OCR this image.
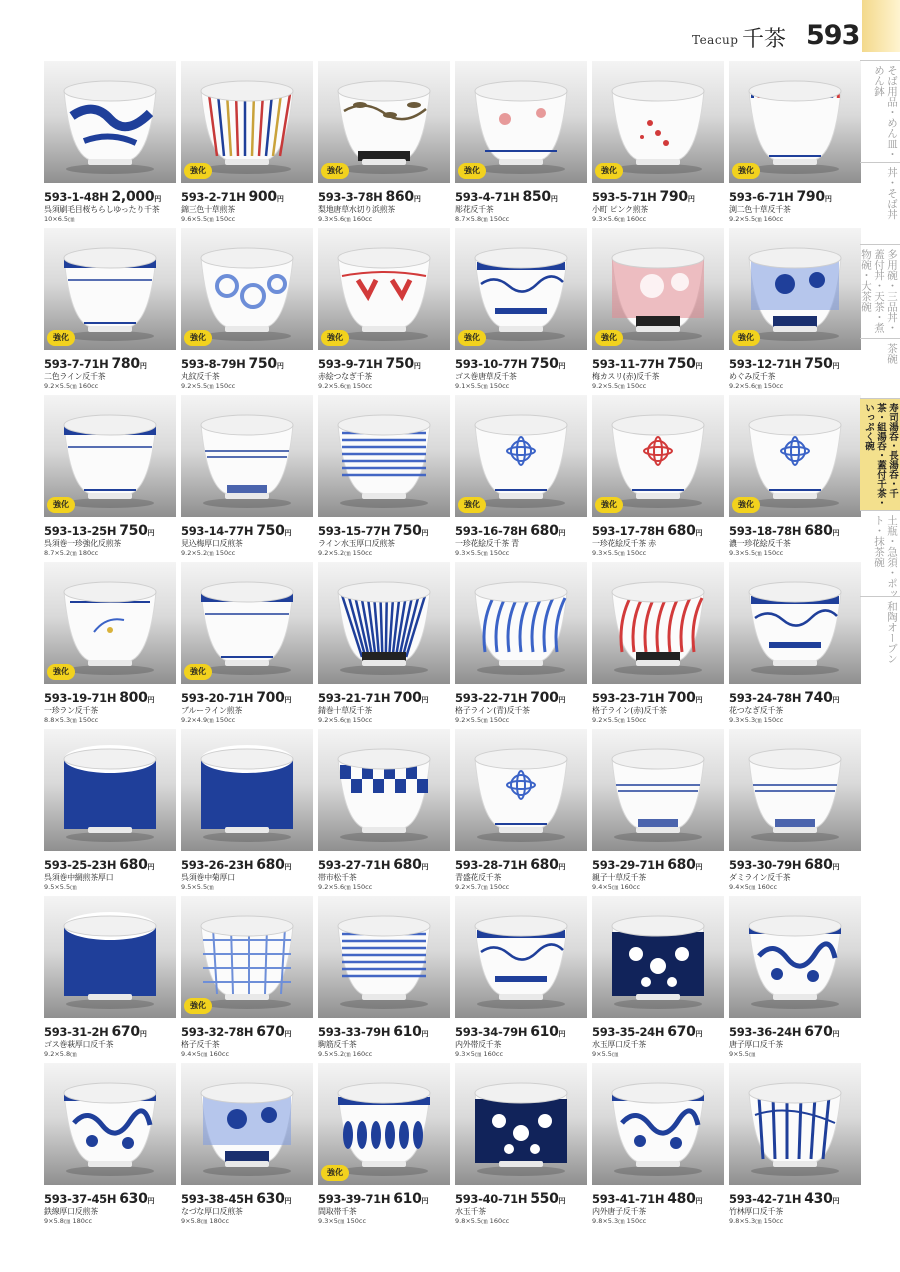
Teacup 千茶 593
593-1-48H 2,000円
呉須刷毛目桜ちらしゆったり千茶
10×6.5㎝
強化
593-2-71H 900円
錦三色十草煎茶
9.6×5.5㎝ 150cc
強化
593-3-78H 860円
梨地唐草水切り浜煎茶
9.3×5.6㎝ 160cc
強化
593-4-71H 850円
彫花反千茶
8.7×5.8㎝ 150cc
強化
593-5-71H 790円
小町 ピンク煎茶
9.3×5.6㎝ 160cc
強化
593-6-71H 790円
渕二色十草反千茶
9.2×5.5㎝ 160cc
強化
593-7-71H 780円
二色ライン反千茶
9.2×5.5㎝ 160cc
強化
593-8-79H 750円
丸紋反千茶
9.2×5.5㎝ 150cc
強化
593-9-71H 750円
赤絵つなぎ千茶
9.2×5.6㎝ 150cc
強化
593-10-77H 750円
ゴス巻唐草反千茶
9.1×5.5㎝ 150cc
強化
593-11-77H 750円
梅カスリ(赤)反千茶
9.2×5.5㎝ 150cc
強化
593-12-71H 750円
めぐみ反千茶
9.2×5.6㎝ 150cc
強化
593-13-25H 750円
呉須巻一珍強化反煎茶
8.7×5.2㎝ 180cc
593-14-77H 750円
見込梅厚口反煎茶
9.2×5.2㎝ 150cc
593-15-77H 750円
ライン水玉厚口反煎茶
9.2×5.2㎝ 150cc
強化
593-16-78H 680円
一珍花絵反千茶 青
9.3×5.5㎝ 150cc
強化
593-17-78H 680円
一珍花絵反千茶 赤
9.3×5.5㎝ 150cc
強化
593-18-78H 680円
濃一珍花絵反千茶
9.3×5.5㎝ 150cc
強化
593-19-71H 800円
一珍ラン反千茶
8.8×5.3㎝ 150cc
強化
593-20-71H 700円
ブルーライン煎茶
9.2×4.9㎝ 150cc
593-21-71H 700円
錆巻十草反千茶
9.2×5.6㎝ 150cc
593-22-71H 700円
格子ライン(青)反千茶
9.2×5.5㎝ 150cc
593-23-71H 700円
格子ライン(赤)反千茶
9.2×5.5㎝ 150cc
593-24-78H 740円
花つなぎ反千茶
9.3×5.3㎝ 150cc
593-25-23H 680円
呉須巻中網煎茶厚口
9.5×5.5㎝
593-26-23H 680円
呉須巻中菊厚口
9.5×5.5㎝
593-27-71H 680円
帯市松千茶
9.2×5.6㎝ 150cc
593-28-71H 680円
青盛花反千茶
9.2×5.7㎝ 150cc
593-29-71H 680円
親子十草反千茶
9.4×5㎝ 160cc
593-30-79H 680円
ダミライン反千茶
9.4×5㎝ 160cc
593-31-2H 670円
ゴス巻萩厚口反千茶
9.2×5.8㎝
強化
593-32-78H 670円
格子反千茶
9.4×5㎝ 160cc
593-33-79H 610円
駒筋反千茶
9.5×5.2㎝ 160cc
593-34-79H 610円
内外帯反千茶
9.3×5㎝ 160cc
593-35-24H 670円
水玉厚口反千茶
9×5.5㎝
593-36-24H 670円
唐子厚口反千茶
9×5.5㎝
593-37-45H 630円
鉄線厚口反煎茶
9×5.8㎝ 180cc
593-38-45H 630円
なづな厚口反煎茶
9×5.8㎝ 180cc
強化
593-39-71H 610円
間取帯千茶
9.3×5㎝ 150cc
593-40-71H 550円
水玉千茶
9.8×5.5㎝ 160cc
593-41-71H 480円
内外唐子反千茶
9.8×5.3㎝ 150cc
593-42-71H 430円
竹林厚口反千茶
9.8×5.3㎝ 150cc
そば用品・めん皿・めん鉢
丼・そば丼
多用碗・三品丼・蓋付丼・天茶・煮物碗・大茶碗
茶碗
寿司湯呑・長湯呑・千茶・組湯呑・蓋付千茶・いっぷく碗
土瓶・急須・ポット・抹茶碗
和陶オーブン
